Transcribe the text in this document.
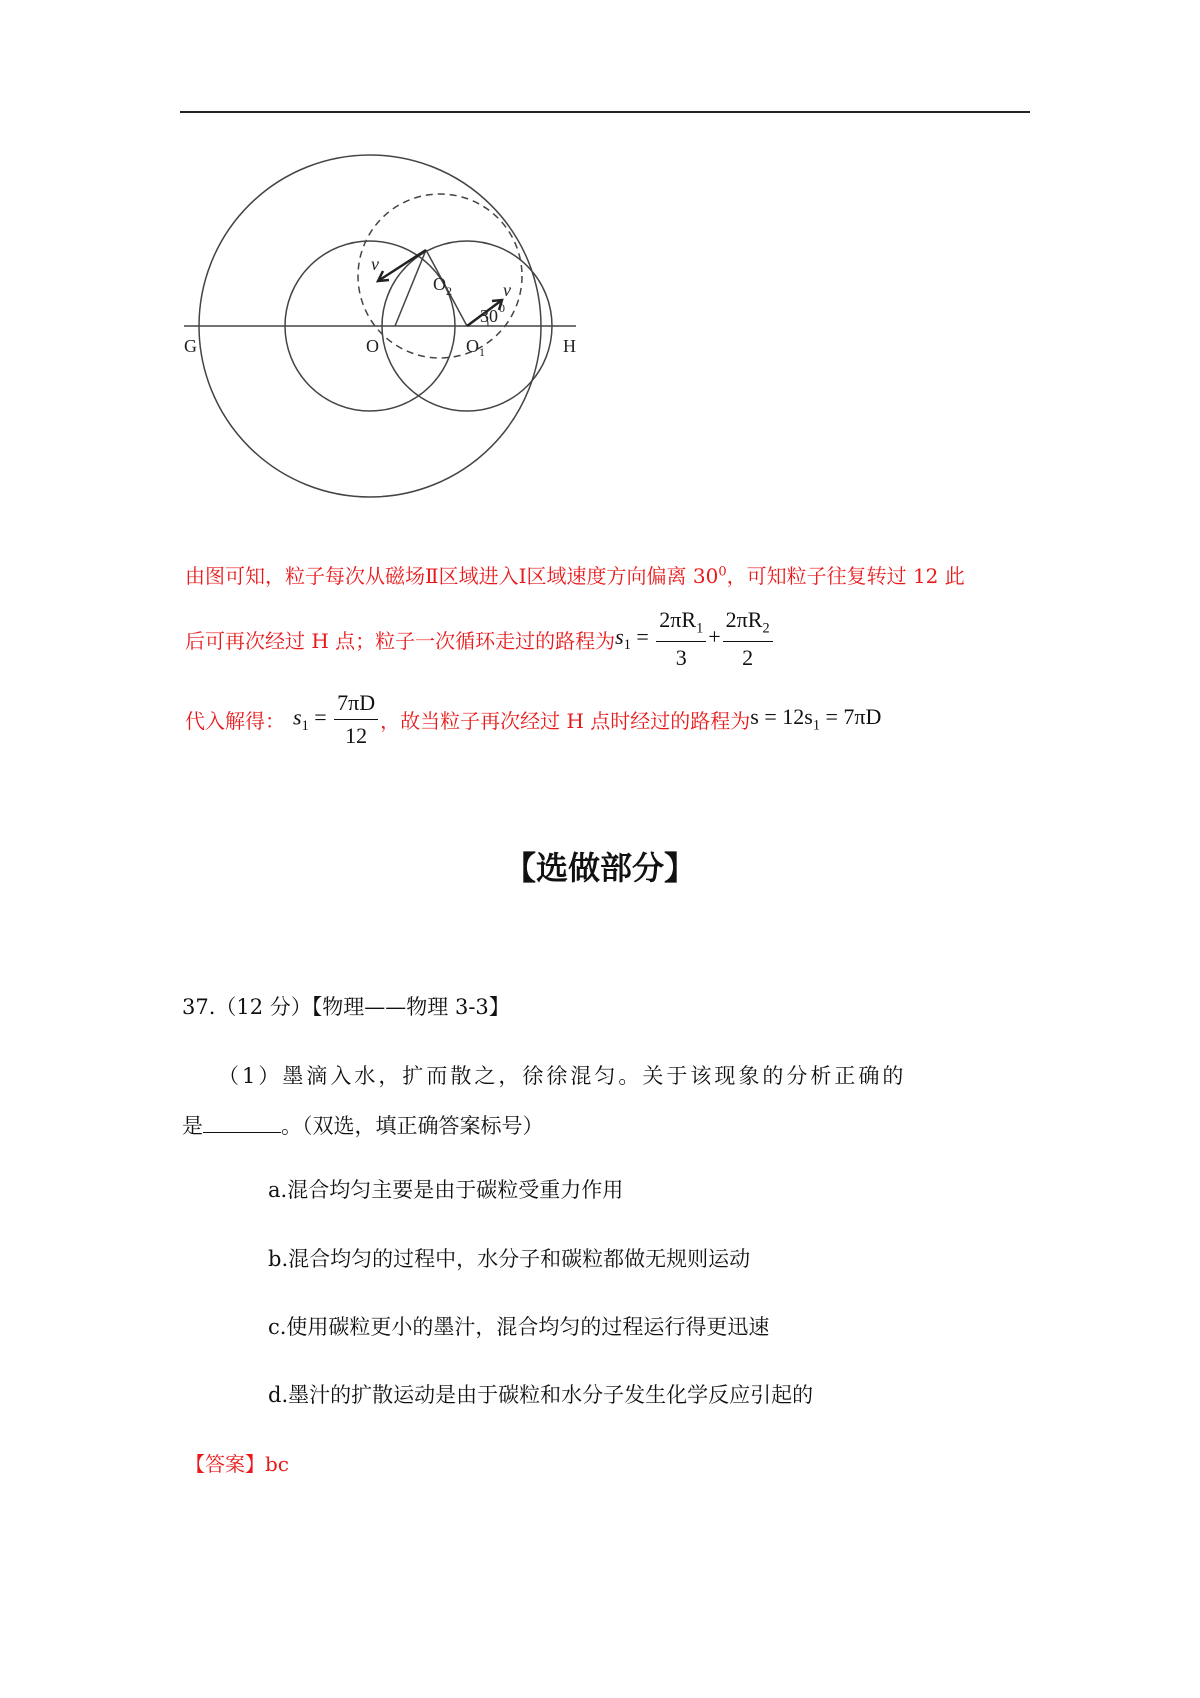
G	H
O	O 1
O 2
v
v
30 0
由图可知，粒子每次从磁场Ⅱ区域进入Ⅰ区域速度方向偏离 $30^0$，可知粒子往复转过 12 此
后可再次经过 H 点；粒子一次循环走过的路程为 $s_1 = \frac{2\pi R_1}{3} + \frac{2\pi R_2}{2}$
代入解得： $s_1 = \frac{7\pi D}{12}$ ，故当粒子再次经过 H 点时经过的路程为 $s = 12s_1 = 7\pi D$
【选做部分】
37.（12 分）【物理——物理 3-3】
（1）墨滴入水，扩而散之，徐徐混匀。关于该现象的分析正确的
是	。（双选，填正确答案标号）
a.混合均匀主要是由于碳粒受重力作用
b.混合均匀的过程中，水分子和碳粒都做无规则运动
c.使用碳粒更小的墨汁，混合均匀的过程运行得更迅速
d.墨汁的扩散运动是由于碳粒和水分子发生化学反应引起的
【答案】bc
